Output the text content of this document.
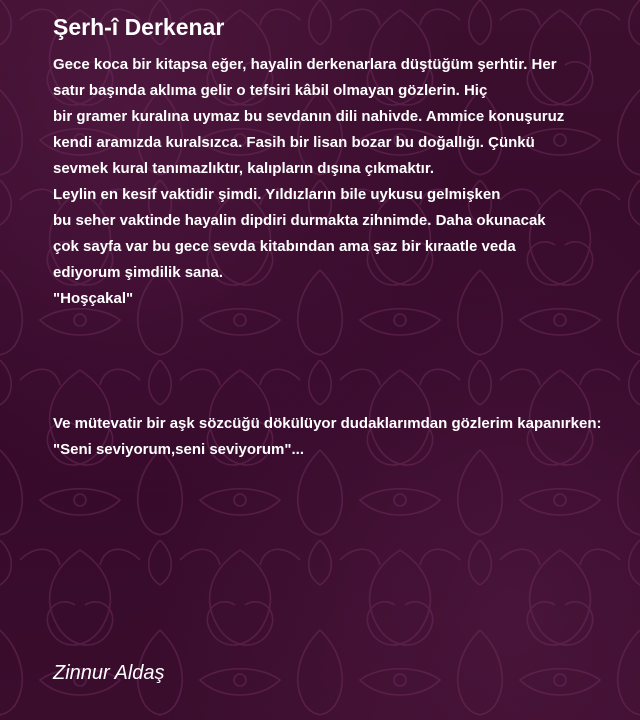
Şerh-î Derkenar

Gece koca bir kitapsa eğer, hayalin derkenarlara düştüğüm şerhtir. Her
satır başında aklıma gelir o tefsiri kâbil olmayan gözlerin. Hiç
bir gramer kuralına uymaz bu sevdanın dili nahivde. Ammice konuşuruz
kendi aramızda kuralsızca. Fasih bir lisan bozar bu doğallığı. Çünkü
sevmek kural tanımazlıktır, kalıpların dışına çıkmaktır.
Leylin en kesif vaktidir şimdi. Yıldızların bile uykusu gelmişken
bu seher vaktinde hayalin dipdiri durmakta zihnimde. Daha okunacak
çok sayfa var bu gece sevda kitabından ama şaz bir kıraatle veda
ediyorum şimdilik sana.
"Hoşçakal"

Ve mütevatir bir aşk sözcüğü dökülüyor dudaklarımdan gözlerim kapanırken:
"Seni seviyorum,seni seviyorum"...

Zinnur Aldaş
